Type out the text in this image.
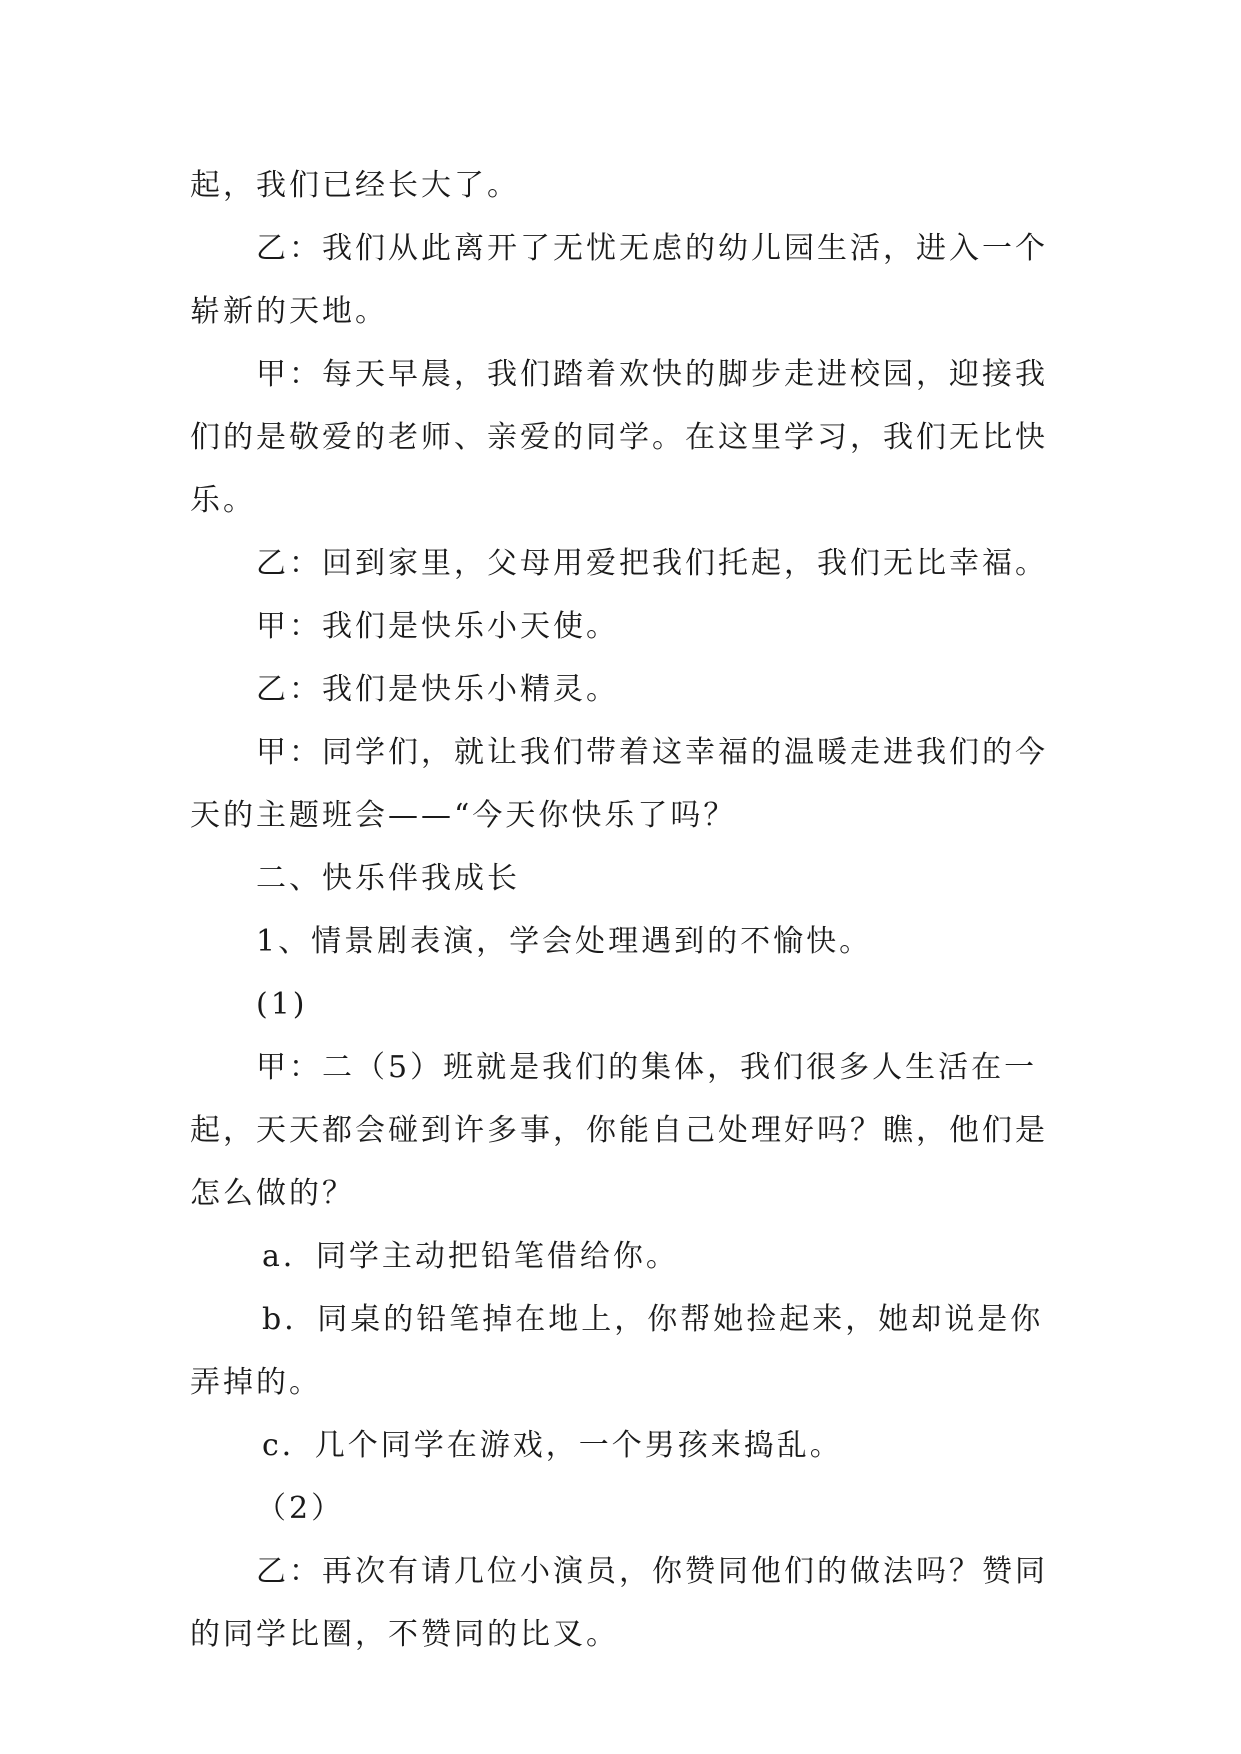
起，我们已经长大了。

乙：我们从此离开了无忧无虑的幼儿园生活，进入一个

崭新的天地。

甲：每天早晨，我们踏着欢快的脚步走进校园，迎接我

们的是敬爱的老师、亲爱的同学。在这里学习，我们无比快

乐。

乙：回到家里，父母用爱把我们托起，我们无比幸福。

甲：我们是快乐小天使。

乙：我们是快乐小精灵。

甲：同学们，就让我们带着这幸福的温暖走进我们的今

天的主题班会——“今天你快乐了吗？

二、快乐伴我成长

1、情景剧表演，学会处理遇到的不愉快。

(1)

甲：二（5）班就是我们的集体，我们很多人生活在一

起，天天都会碰到许多事，你能自己处理好吗？瞧，他们是

怎么做的？

a．同学主动把铅笔借给你。

b．同桌的铅笔掉在地上，你帮她捡起来，她却说是你

弄掉的。

c．几个同学在游戏，一个男孩来捣乱。

（2）

乙：再次有请几位小演员，你赞同他们的做法吗？赞同

的同学比圈，不赞同的比叉。
